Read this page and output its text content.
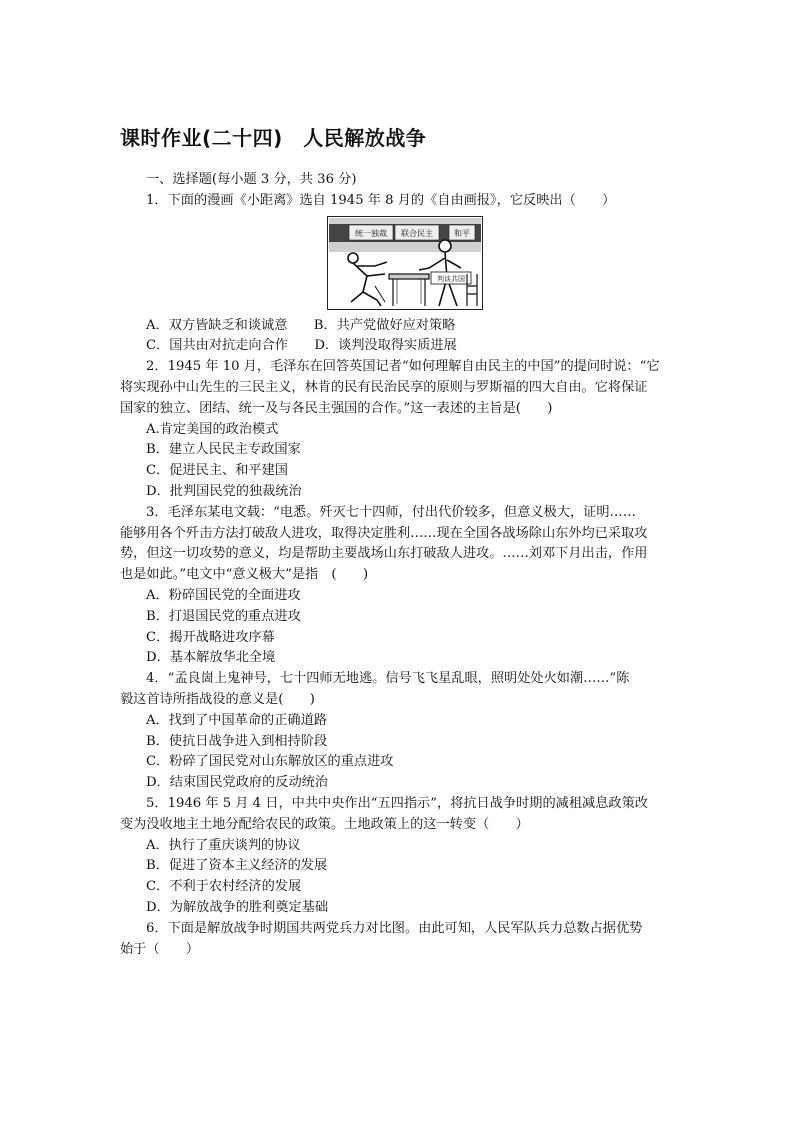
课时作业(二十四)　人民解放战争

一、选择题(每小题 3 分，共 36 分)

1．下面的漫画《小距离》选自 1945 年 8 月的《自由画报》，它反映出（　　）

统一独裁 联合民主	和平
判谈共国

A．双方皆缺乏和谈诚意　　B．共产党做好应对策略

C．国共由对抗走向合作　　D．谈判没取得实质进展

2．1945 年 10 月，毛泽东在回答英国记者“如何理解自由民主的中国”的提问时说：“它

将实现孙中山先生的三民主义，林肯的民有民治民享的原则与罗斯福的四大自由。它将保证

国家的独立、团结、统一及与各民主强国的合作。”这一表述的主旨是(　　)

A.肯定美国的政治模式

B．建立人民民主专政国家

C．促进民主、和平建国

D．批判国民党的独裁统治

3．毛泽东某电文载：“电悉。歼灭七十四师，付出代价较多，但意义极大，证明……

能够用各个歼击方法打破敌人进攻，取得决定胜利……现在全国各战场除山东外均已采取攻

势，但这一切攻势的意义，均是帮助主要战场山东打破敌人进攻。……刘邓下月出击，作用

也是如此。”电文中“意义极大”是指　(　　)

A．粉碎国民党的全面进攻

B．打退国民党的重点进攻

C．揭开战略进攻序幕

D．基本解放华北全境

4．“孟良崮上鬼神号，七十四师无地逃。信号飞飞星乱眼，照明处处火如潮……”陈

毅这首诗所指战役的意义是(　　)

A．找到了中国革命的正确道路

B．使抗日战争进入到相持阶段

C．粉碎了国民党对山东解放区的重点进攻

D．结束国民党政府的反动统治

5．1946 年 5 月 4 日，中共中央作出“五四指示”，将抗日战争时期的减租减息政策改

变为没收地主土地分配给农民的政策。土地政策上的这一转变（　　）

A．执行了重庆谈判的协议

B．促进了资本主义经济的发展

C．不利于农村经济的发展

D．为解放战争的胜利奠定基础

6．下面是解放战争时期国共两党兵力对比图。由此可知，人民军队兵力总数占据优势

始于（　　）
